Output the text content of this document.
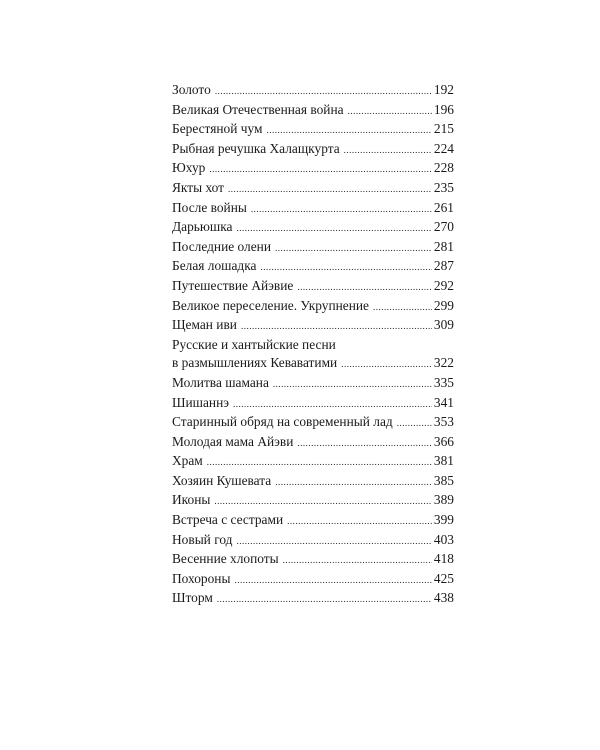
Золото .....	192
Великая Отечественная война .....	196
Берестяной чум .....	215
Рыбная речушка Халащкурта .....	224
Юхур .....	228
Якты хот .....	235
После войны .....	261
Дарьюшка .....	270
Последние олени .....	281
Белая лошадка .....	287
Путешествие Айэвие .....	292
Великое переселение. Укрупнение .....	299
Щеман иви .....	309
Русские и хантыйские песни
в размышлениях Кеваватими .....	322
Молитва шамана .....	335
Шишаннэ .....	341
Старинный обряд на современный лад .....	353
Молодая мама Айэви .....	366
Храм .....	381
Хозяин Кушевата .....	385
Иконы .....	389
Встреча с сестрами .....	399
Новый год .....	403
Весенние хлопоты .....	418
Похороны .....	425
Шторм .....	438
